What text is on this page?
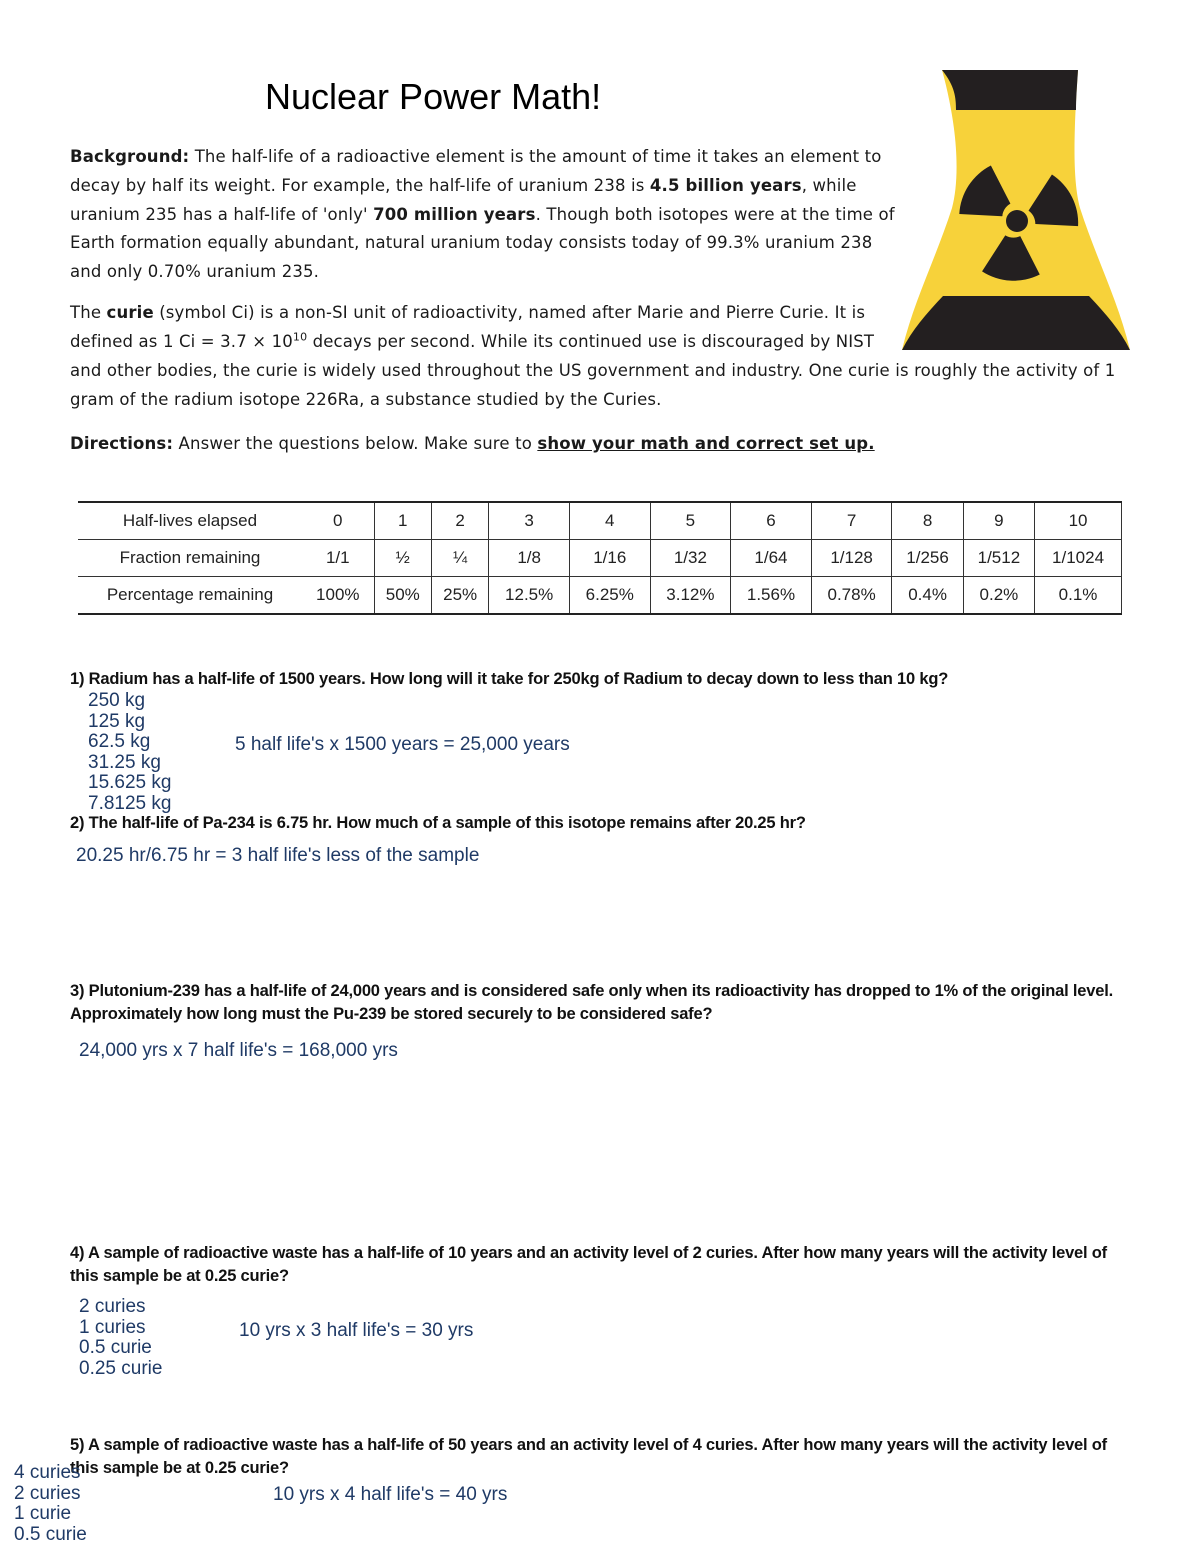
Nuclear Power Math!
Background: The half-life of a radioactive element is the amount of time it takes an element to decay by half its weight. For example, the half-life of uranium 238 is 4.5 billion years, while uranium 235 has a half-life of 'only' 700 million years. Though both isotopes were at the time of Earth formation equally abundant, natural uranium today consists today of 99.3% uranium 238 and only 0.70% uranium 235.
The curie (symbol Ci) is a non-SI unit of radioactivity, named after Marie and Pierre Curie. It is defined as 1 $Ci = 3.7 \times 10^{10}$ decays per second. While its continued use is discouraged by NIST
and other bodies, the curie is widely used throughout the US government and industry. One curie is roughly the activity of 1 gram of the radium isotope 226Ra, a substance studied by the Curies.
Directions: Answer the questions below. Make sure to show your math and correct set up.
Half-lives elapsed	0	1	2	3	4	5	6	7	8	9	10
Fraction remaining	1/1	½	¼	1/8	1/16	1/32	1/64	1/128	1/256	1/512	1/1024
Percentage remaining	100%	50%	25%	12.5%	6.25%	3.12%	1.56%	0.78%	0.4%	0.2%	0.1%
1) Radium has a half-life of 1500 years. How long will it take for 250kg of Radium to decay down to less than 10 kg?
250 kg
125 kg
62.5 kg
31.25 kg
15.625 kg
7.8125 kg
5 half life's x 1500 years = 25,000 years
2) The half-life of Pa-234 is 6.75 hr. How much of a sample of this isotope remains after 20.25 hr?
20.25 hr/6.75 hr = 3 half life's less of the sample
3) Plutonium-239 has a half-life of 24,000 years and is considered safe only when its radioactivity has dropped to 1% of the original level. Approximately how long must the Pu-239 be stored securely to be considered safe?
24,000 yrs x 7 half life's = 168,000 yrs
4) A sample of radioactive waste has a half-life of 10 years and an activity level of 2 curies. After how many years will the activity level of this sample be at 0.25 curie?
2 curies
1 curies
0.5 curie
0.25 curie
10 yrs x 3 half life's = 30 yrs
5) A sample of radioactive waste has a half-life of 50 years and an activity level of 4 curies. After how many years will the activity level of this sample be at 0.25 curie?
4 curies
2 curies
1 curie
0.5 curie
10 yrs x 4 half life's = 40 yrs
